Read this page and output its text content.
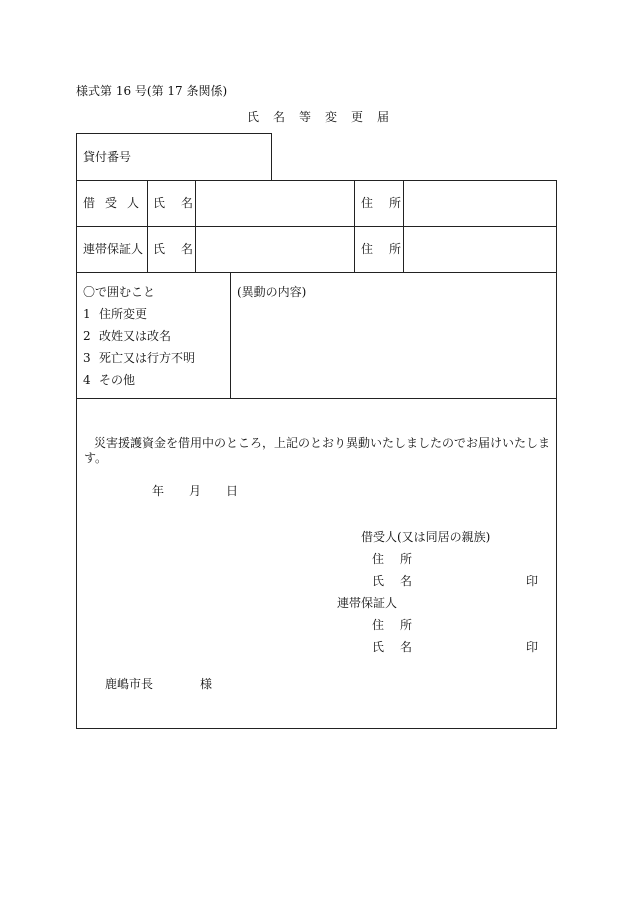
様式第 16 号(第 17 条関係)
氏名等変更届
貸付番号
借受人 氏名	住所
連帯保証人 氏名	住所
〇で囲むこと
1 住所変更
2 改姓又は改名
3 死亡又は行方不明
4 その他
(異動の内容)
災害援護資金を借用中のところ，上記のとおり異動いたしましたのでお届けいたします。
年 月 日
借受人(又は同居の親族)
住所
氏名	印
連帯保証人
住所
氏名	印
鹿嶋市長	様
